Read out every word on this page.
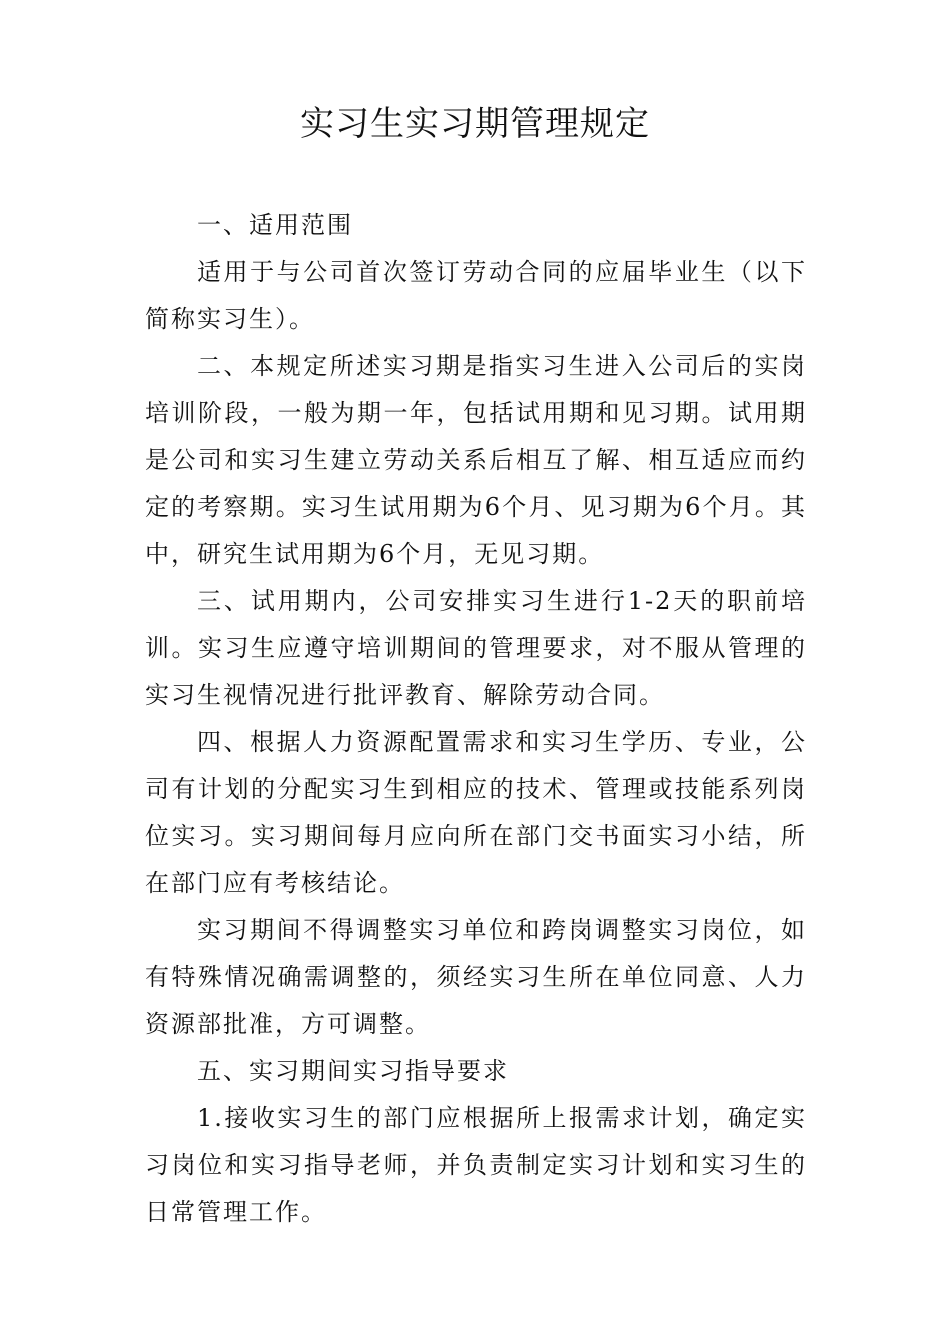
实习生实习期管理规定

一、适用范围

适用于与公司首次签订劳动合同的应届毕业生（以下简称实习生）。

二、本规定所述实习期是指实习生进入公司后的实岗培训阶段，一般为期一年，包括试用期和见习期。试用期是公司和实习生建立劳动关系后相互了解、相互适应而约定的考察期。实习生试用期为6个月、见习期为6个月。其中，研究生试用期为6个月，无见习期。

三、试用期内，公司安排实习生进行1-2天的职前培训。实习生应遵守培训期间的管理要求，对不服从管理的实习生视情况进行批评教育、解除劳动合同。

四、根据人力资源配置需求和实习生学历、专业，公司有计划的分配实习生到相应的技术、管理或技能系列岗位实习。实习期间每月应向所在部门交书面实习小结，所在部门应有考核结论。

实习期间不得调整实习单位和跨岗调整实习岗位，如有特殊情况确需调整的，须经实习生所在单位同意、人力资源部批准，方可调整。

五、实习期间实习指导要求

1.接收实习生的部门应根据所上报需求计划，确定实习岗位和实习指导老师，并负责制定实习计划和实习生的日常管理工作。
